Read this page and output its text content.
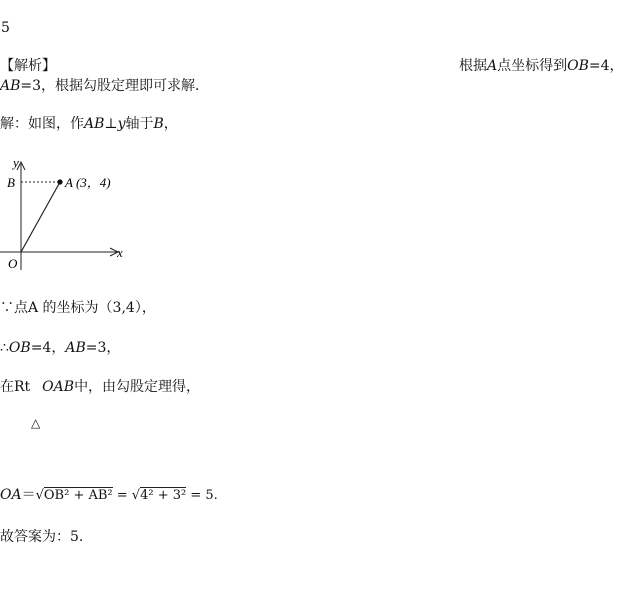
5
【解析】	根据A点坐标得到OB=4，
AB=3，根据勾股定理即可求解．
解：如图，作AB⊥y轴于B，
y
B	A (3，4)
x
O
∵点A 的坐标为（3,4），
∴OB=4，AB=3，
在Rt OAB中，由勾股定理得，
△
OA＝√OB² + AB² = √4² + 3² = 5.
故答案为：5.
